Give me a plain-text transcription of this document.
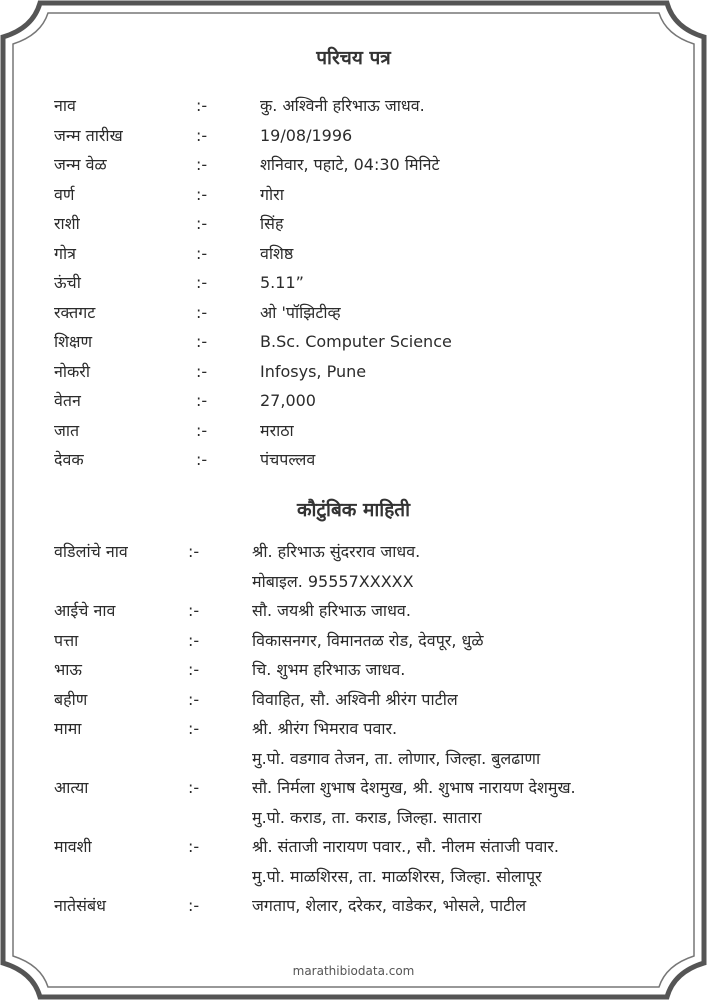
परिचय पत्र
नाव	:-	कु. अश्विनी हरिभाऊ जाधव.
जन्म तारीख	:-	19/08/1996
जन्म वेळ	:-	शनिवार, पहाटे, 04:30 मिनिटे
वर्ण	:-	गोरा
राशी	:-	सिंह
गोत्र	:-	वशिष्ठ
ऊंची	:-	5.11”
रक्तगट	:-	ओ 'पॉझिटीव्ह
शिक्षण	:-	B.Sc. Computer Science
नोकरी	:-	Infosys, Pune
वेतन	:-	27,000
जात	:-	मराठा
देवक	:-	पंचपल्लव
कौटुंबिक माहिती
वडिलांचे नाव	:-	श्री. हरिभाऊ सुंदरराव जाधव.
मोबाइल. 95557XXXXX
आईचे नाव	:-	सौ. जयश्री हरिभाऊ जाधव.
पत्ता	:-	विकासनगर, विमानतळ रोड, देवपूर, धुळे
भाऊ	:-	चि. शुभम हरिभाऊ जाधव.
बहीण	:-	विवाहित, सौ. अश्विनी श्रीरंग पाटील
मामा	:-	श्री. श्रीरंग भिमराव पवार.
मु.पो. वडगाव तेजन, ता. लोणार, जिल्हा. बुलढाणा
आत्या	:-	सौ. निर्मला शुभाष देशमुख, श्री. शुभाष नारायण देशमुख.
मु.पो. कराड, ता. कराड, जिल्हा. सातारा
मावशी	:-	श्री. संताजी नारायण पवार., सौ. नीलम संताजी पवार.
मु.पो. माळशिरस, ता. माळशिरस, जिल्हा. सोलापूर
नातेसंबंध	:-	जगताप, शेलार, दरेकर, वाडेकर, भोसले, पाटील
marathibiodata.com
